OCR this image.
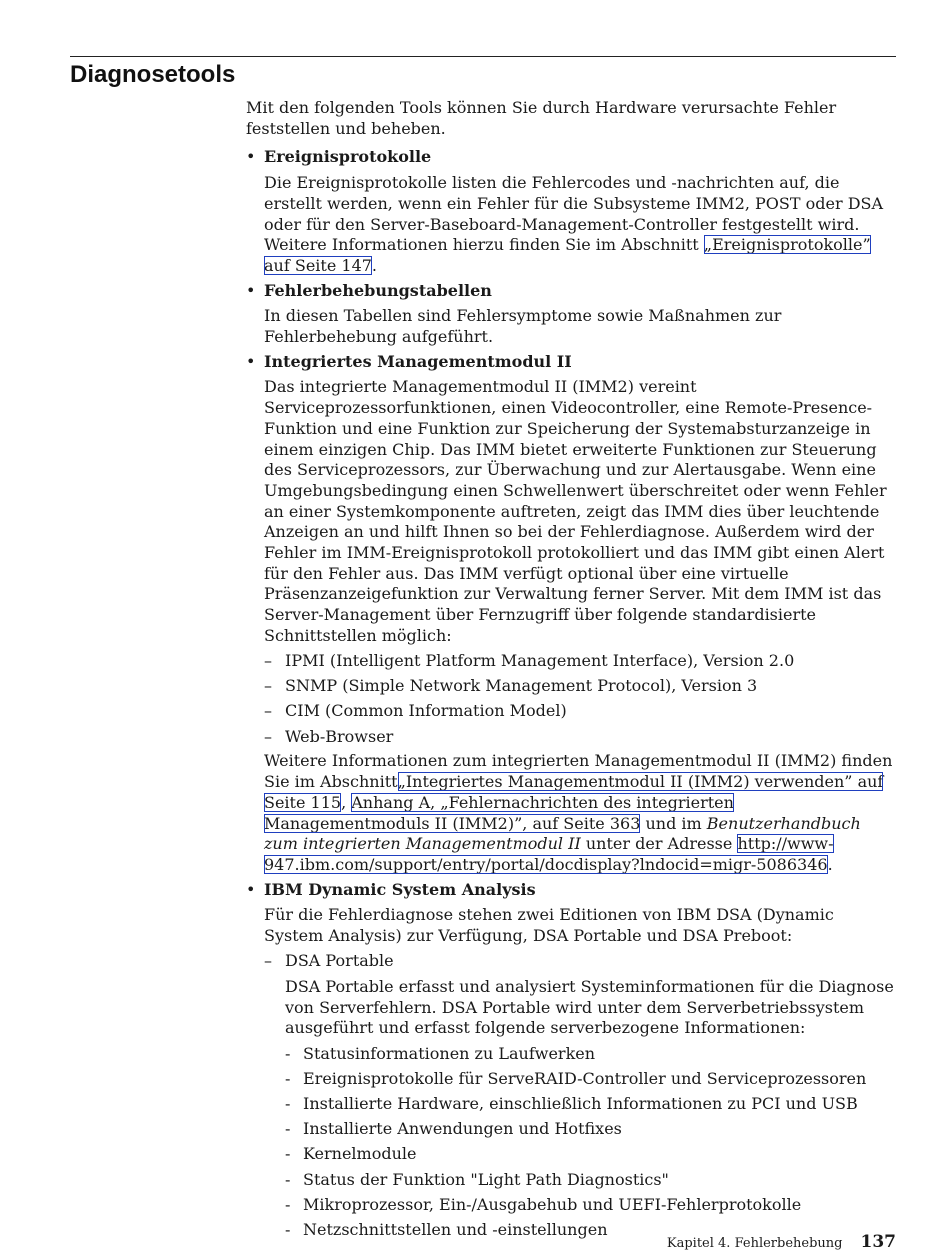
Diagnosetools

Mit den folgenden Tools können Sie durch Hardware verursachte Fehler feststellen und beheben.

• Ereignisprotokolle

Die Ereignisprotokolle listen die Fehlercodes und -nachrichten auf, die erstellt werden, wenn ein Fehler für die Subsysteme IMM2, POST oder DSA oder für den Server-Baseboard-Management-Controller festgestellt wird. Weitere Informationen hierzu finden Sie im Abschnitt „Ereignisprotokolle” auf Seite 147.

• Fehlerbehebungstabellen

In diesen Tabellen sind Fehlersymptome sowie Maßnahmen zur Fehlerbehebung aufgeführt.

• Integriertes Managementmodul II

Das integrierte Managementmodul II (IMM2) vereint Serviceprozessorfunktionen, einen Videocontroller, eine Remote-Presence-Funktion und eine Funktion zur Speicherung der Systemabsturzanzeige in einem einzigen Chip. Das IMM bietet erweiterte Funktionen zur Steuerung des Serviceprozessors, zur Überwachung und zur Alertausgabe. Wenn eine Umgebungsbedingung einen Schwellenwert überschreitet oder wenn Fehler an einer Systemkomponente auftreten, zeigt das IMM dies über leuchtende Anzeigen an und hilft Ihnen so bei der Fehlerdiagnose. Außerdem wird der Fehler im IMM-Ereignisprotokoll protokolliert und das IMM gibt einen Alert für den Fehler aus. Das IMM verfügt optional über eine virtuelle Präsenzanzeigefunktion zur Verwaltung ferner Server. Mit dem IMM ist das Server-Management über Fernzugriff über folgende standardisierte Schnittstellen möglich:

– IPMI (Intelligent Platform Management Interface), Version 2.0
– SNMP (Simple Network Management Protocol), Version 3
– CIM (Common Information Model)
– Web-Browser

Weitere Informationen zum integrierten Managementmodul II (IMM2) finden Sie im Abschnitt„Integriertes Managementmodul II (IMM2) verwenden” auf Seite 115, Anhang A, „Fehlernachrichten des integrierten Managementmoduls II (IMM2)”, auf Seite 363 und im Benutzerhandbuch zum integrierten Managementmodul II unter der Adresse http://www-947.ibm.com/support/entry/portal/docdisplay?lndocid=migr-5086346.

• IBM Dynamic System Analysis

Für die Fehlerdiagnose stehen zwei Editionen von IBM DSA (Dynamic System Analysis) zur Verfügung, DSA Portable und DSA Preboot:

– DSA Portable

DSA Portable erfasst und analysiert Systeminformationen für die Diagnose von Serverfehlern. DSA Portable wird unter dem Serverbetriebssystem ausgeführt und erfasst folgende serverbezogene Informationen:

- Statusinformationen zu Laufwerken
- Ereignisprotokolle für ServeRAID-Controller und Serviceprozessoren
- Installierte Hardware, einschließlich Informationen zu PCI und USB
- Installierte Anwendungen und Hotfixes
- Kernelmodule
- Status der Funktion "Light Path Diagnostics"
- Mikroprozessor, Ein-/Ausgabehub und UEFI-Fehlerprotokolle
- Netzschnittstellen und -einstellungen
Kapitel 4. Fehlerbehebung 137
